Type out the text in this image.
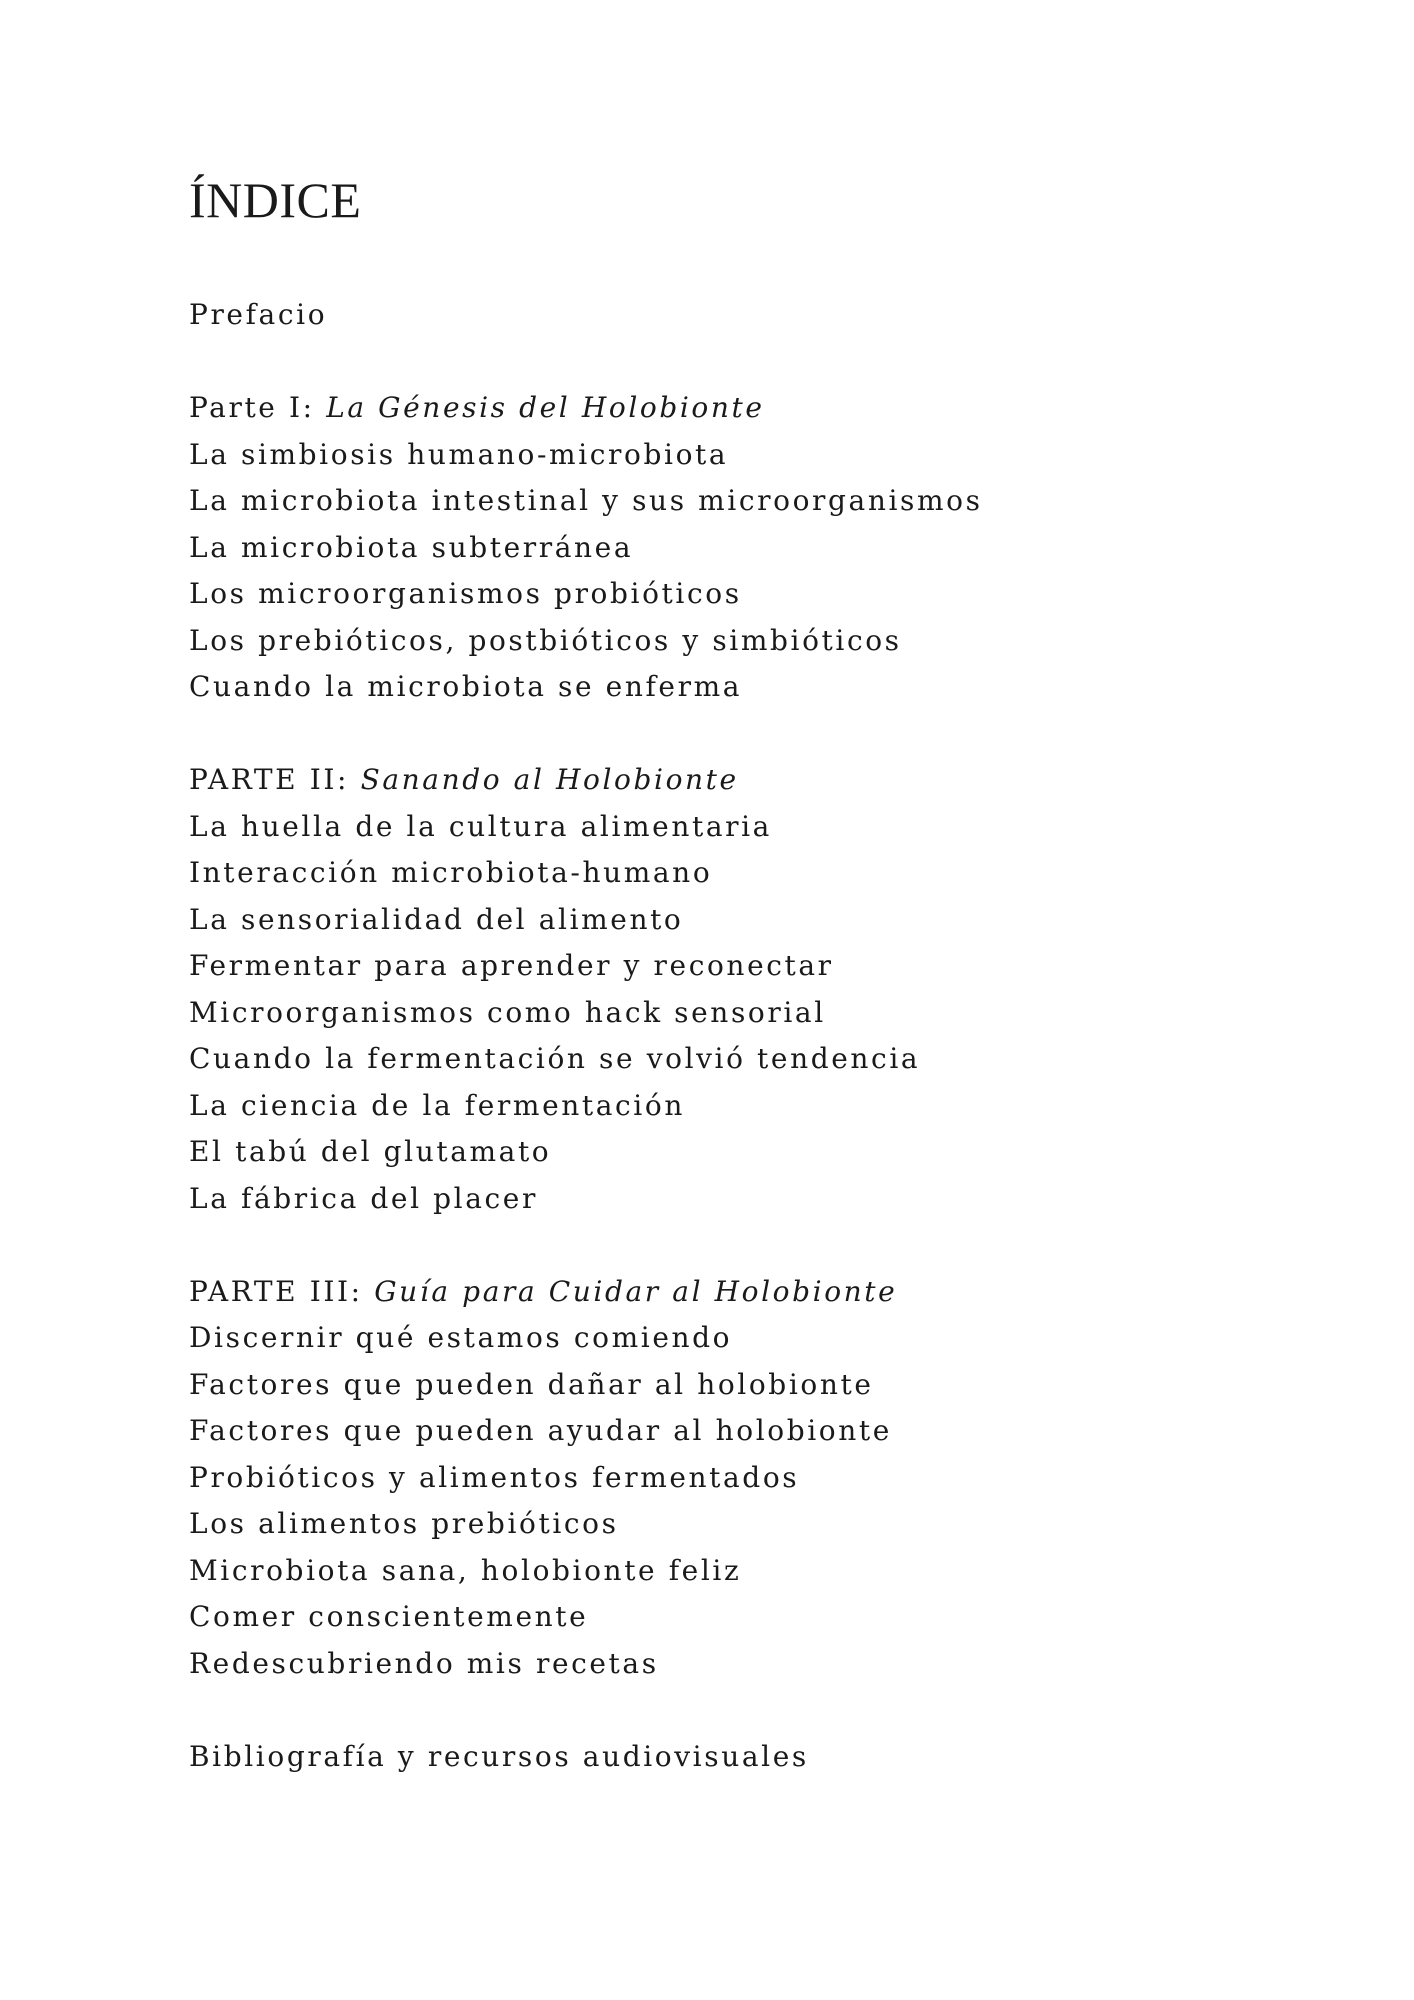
ÍNDICE
Prefacio
Parte I: La Génesis del Holobionte
La simbiosis humano-microbiota
La microbiota intestinal y sus microorganismos
La microbiota subterránea
Los microorganismos probióticos
Los prebióticos, postbióticos y simbióticos
Cuando la microbiota se enferma
PARTE II: Sanando al Holobionte
La huella de la cultura alimentaria
Interacción microbiota-humano
La sensorialidad del alimento
Fermentar para aprender y reconectar
Microorganismos como hack sensorial
Cuando la fermentación se volvió tendencia
La ciencia de la fermentación
El tabú del glutamato
La fábrica del placer
PARTE III: Guía para Cuidar al Holobionte
Discernir qué estamos comiendo
Factores que pueden dañar al holobionte
Factores que pueden ayudar al holobionte
Probióticos y alimentos fermentados
Los alimentos prebióticos
Microbiota sana, holobionte feliz
Comer conscientemente
Redescubriendo mis recetas
Bibliografía y recursos audiovisuales
